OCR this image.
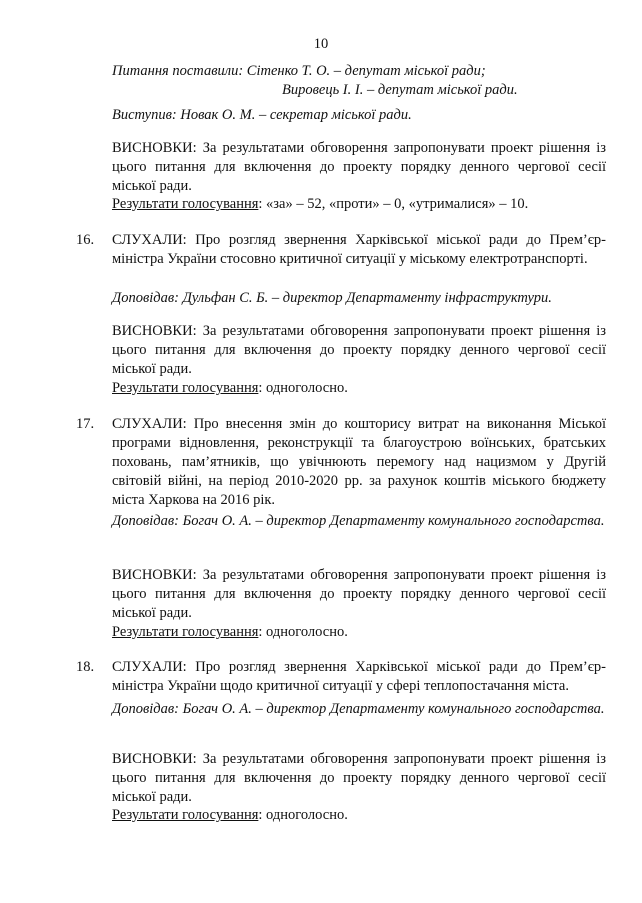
10
Питання поставили: Сітенко Т. О. – депутат міської ради;
Вировець І. І. – депутат міської ради.
Виступив: Новак О. М. – секретар міської ради.
ВИСНОВКИ: За результатами обговорення запропонувати проект рішення із цього питання для включення до проекту порядку денного чергової сесії міської ради.
Результати голосування: «за» – 52, «проти» – 0, «утрималися» – 10.
16.	СЛУХАЛИ: Про розгляд звернення Харківської міської ради до Прем’єр-міністра України стосовно критичної ситуації у міському електротранспорті.
Доповідав: Дульфан С. Б. – директор Департаменту інфраструктури.
ВИСНОВКИ: За результатами обговорення запропонувати проект рішення із цього питання для включення до проекту порядку денного чергової сесії міської ради.
Результати голосування: одноголосно.
17.	СЛУХАЛИ: Про внесення змін до кошторису витрат на виконання Міської програми відновлення, реконструкції та благоустрою воїнських, братських поховань, пам’ятників, що увічнюють перемогу над нацизмом у Другій світовій війні, на період 2010-2020 рр. за рахунок коштів міського бюджету міста Харкова на 2016 рік.
Доповідав: Богач О. А. – директор Департаменту комунального господарства.
ВИСНОВКИ: За результатами обговорення запропонувати проект рішення із цього питання для включення до проекту порядку денного чергової сесії міської ради.
Результати голосування: одноголосно.
18.	СЛУХАЛИ: Про розгляд звернення Харківської міської ради до Прем’єр-міністра України щодо критичної ситуації у сфері теплопостачання міста.
Доповідав: Богач О. А. – директор Департаменту комунального господарства.
ВИСНОВКИ: За результатами обговорення запропонувати проект рішення із цього питання для включення до проекту порядку денного чергової сесії міської ради.
Результати голосування: одноголосно.
